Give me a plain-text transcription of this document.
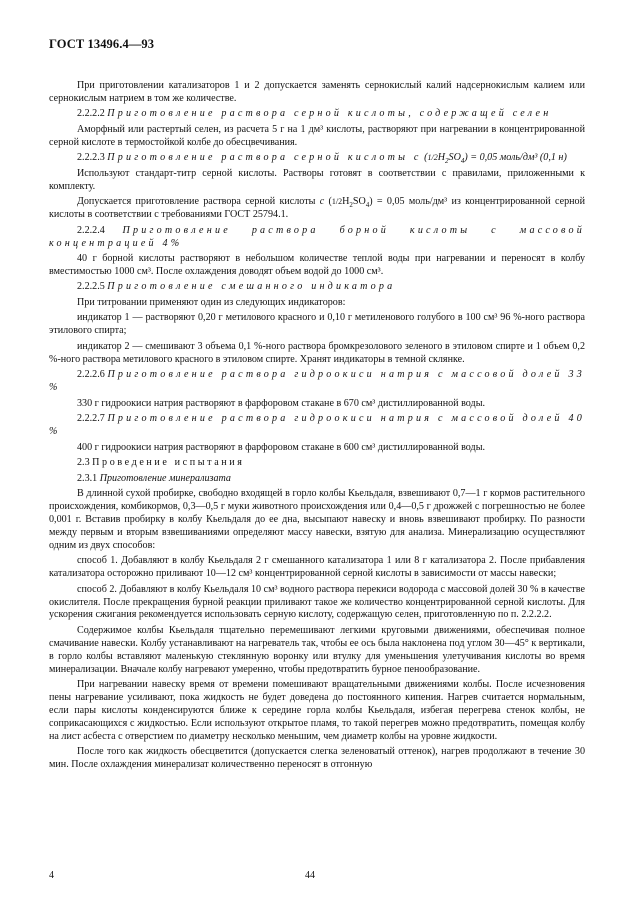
ГОСТ 13496.4—93

При приготовлении катализаторов 1 и 2 допускается заменять сернокислый калий надсернокислым калием или сернокислым натрием в том же количестве.

2.2.2.2 Приготовление раствора серной кислоты, содержащей селен

Аморфный или растертый селен, из расчета 5 г на 1 дм³ кислоты, растворяют при нагревании в концентрированной серной кислоте в термостойкой колбе до обесцвечивания.

2.2.2.3 Приготовление раствора серной кислоты с $(1/2H_2SO_4) = 0,05$ моль/дм³ (0,1 н)

Используют стандарт-титр серной кислоты. Растворы готовят в соответствии с правилами, приложенными к комплекту.

Допускается приготовление раствора серной кислоты c $(1/2H_2SO_4) = 0,05$ моль/дм³ из концентрированной серной кислоты в соответствии с требованиями ГОСТ 25794.1.

2.2.2.4 Приготовление раствора борной кислоты с массовой концентрацией 4%

40 г борной кислоты растворяют в небольшом количестве теплой воды при нагревании и переносят в колбу вместимостью 1000 см³. После охлаждения доводят объем водой до 1000 см³.

2.2.2.5 Приготовление смешанного индикатора

При титровании применяют один из следующих индикаторов:

индикатор 1 — растворяют 0,20 г метилового красного и 0,10 г метиленового голубого в 100 см³ 96 %-ного раствора этилового спирта;

индикатор 2 — смешивают 3 объема 0,1 %-ного раствора бромкрезолового зеленого в этиловом спирте и 1 объем 0,2 %-ного раствора метилового красного в этиловом спирте. Хранят индикаторы в темной склянке.

2.2.2.6 Приготовление раствора гидроокиси натрия с массовой долей 33 %

330 г гидроокиси натрия растворяют в фарфоровом стакане в 670 см³ дистиллированной воды.

2.2.2.7 Приготовление раствора гидроокиси натрия с массовой долей 40 %

400 г гидроокиси натрия растворяют в фарфоровом стакане в 600 см³ дистиллированной воды.

2.3 Проведение испытания

2.3.1 Приготовление минерализата

В длинной сухой пробирке, свободно входящей в горло колбы Кьельдаля, взвешивают 0,7—1 г кормов растительного происхождения, комбикормов, 0,3—0,5 г муки животного происхождения или 0,4—0,5 г дрожжей с погрешностью не более 0,001 г. Вставив пробирку в колбу Кьельдаля до ее дна, высыпают навеску и вновь взвешивают пробирку. По разности между первым и вторым взвешиваниями определяют массу навески, взятую для анализа. Минерализацию осуществляют одним из двух способов:

способ 1. Добавляют в колбу Кьельдаля 2 г смешанного катализатора 1 или 8 г катализатора 2. После прибавления катализатора осторожно приливают 10—12 см³ концентрированной серной кислоты в зависимости от массы навески;

способ 2. Добавляют в колбу Кьельдаля 10 см³ водного раствора перекиси водорода с массовой долей 30 % в качестве окислителя. После прекращения бурной реакции приливают такое же количество концентрированной серной кислоты. Для ускорения сжигания рекомендуется использовать серную кислоту, содержащую селен, приготовленную по п. 2.2.2.2.

Содержимое колбы Кьельдаля тщательно перемешивают легкими круговыми движениями, обеспечивая полное смачивание навески. Колбу устанавливают на нагреватель так, чтобы ее ось была наклонена под углом 30—45° к вертикали, в горло колбы вставляют маленькую стеклянную воронку или втулку для уменьшения улетучивания кислоты во время минерализации. Вначале колбу нагревают умеренно, чтобы предотвратить бурное пенообразование.

При нагревании навеску время от времени помешивают вращательными движениями колбы. После исчезновения пены нагревание усиливают, пока жидкость не будет доведена до постоянного кипения. Нагрев считается нормальным, если пары кислоты конденсируются ближе к середине горла колбы Кьельдаля, избегая перегрева стенок колбы, не соприкасающихся с жидкостью. Если используют открытое пламя, то такой перегрев можно предотвратить, помещая колбу на лист асбеста с отверстием по диаметру несколько меньшим, чем диаметр колбы на уровне жидкости.

После того как жидкость обесцветится (допускается слегка зеленоватый оттенок), нагрев продолжают в течение 30 мин. После охлаждения минерализат количественно переносят в отгонную

4	44
